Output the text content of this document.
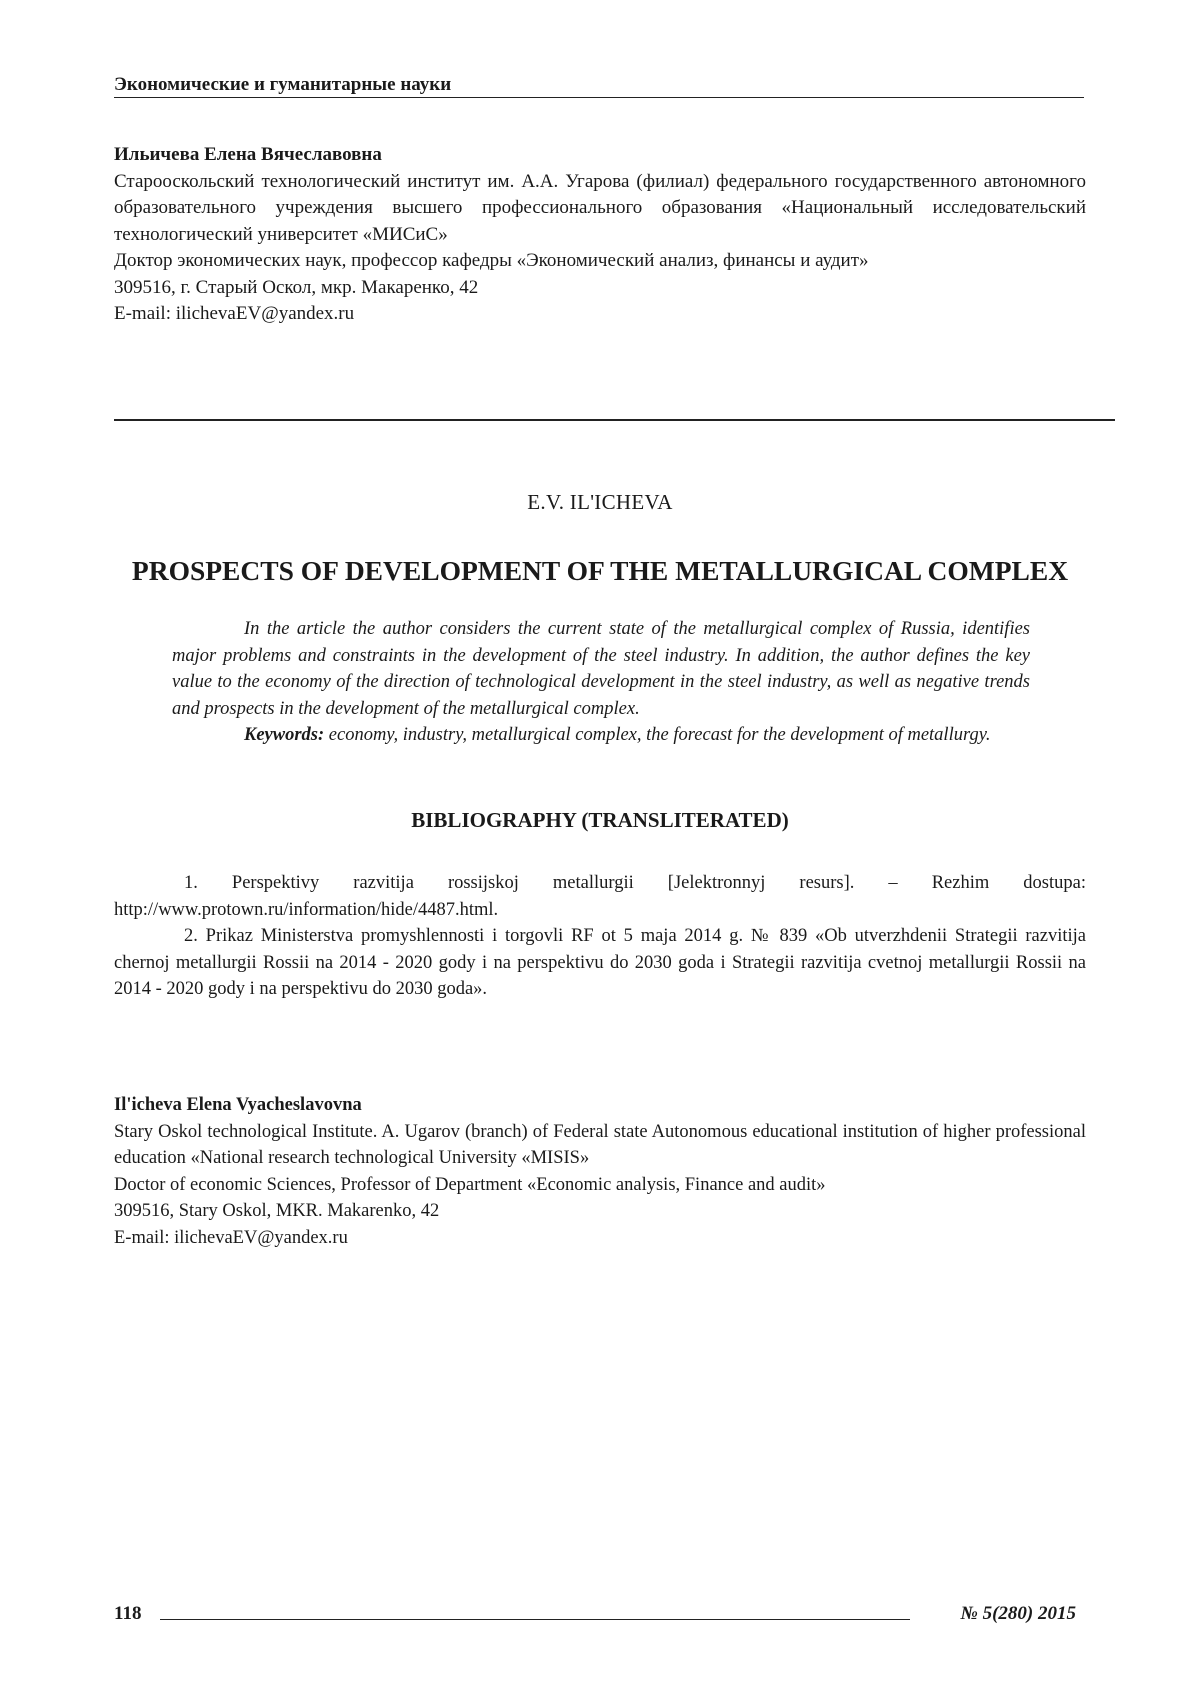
Экономические и гуманитарные науки
Ильичева Елена Вячеславовна
Старооскольский технологический институт им. А.А. Угарова (филиал) федерального государственного автономного образовательного учреждения высшего профессионального образования «Национальный исследовательский технологический университет «МИСиС»
Доктор экономических наук, профессор кафедры «Экономический анализ, финансы и аудит»
309516, г. Старый Оскол, мкр. Макаренко, 42
E-mail: ilichevaEV@yandex.ru
E.V. IL'ICHEVA
PROSPECTS OF DEVELOPMENT OF THE METALLURGICAL COMPLEX

In the article the author considers the current state of the metallurgical complex of Russia, identifies major problems and constraints in the development of the steel industry. In addition, the author defines the key value to the economy of the direction of technological development in the steel industry, as well as negative trends and prospects in the development of the metallurgical complex.

Keywords: economy, industry, metallurgical complex, the forecast for the development of metallurgy.

BIBLIOGRAPHY (TRANSLITERATED)

1. Perspektivy razvitija rossijskoj metallurgii [Jelektronnyj resurs]. – Rezhim dostupa: http://www.protown.ru/information/hide/4487.html.

2. Prikaz Ministerstva promyshlennosti i torgovli RF ot 5 maja 2014 g. № 839 «Ob utverzhdenii Strategii razvitija chernoj metallurgii Rossii na 2014 - 2020 gody i na perspektivu do 2030 goda i Strategii razvitija cvetnoj metallurgii Rossii na 2014 - 2020 gody i na perspektivu do 2030 goda».

Il'icheva Elena Vyacheslavovna
Stary Oskol technological Institute. A. Ugarov (branch) of Federal state Autonomous educational institution of higher professional education «National research technological University «MISIS»
Doctor of economic Sciences, Professor of Department «Economic analysis, Finance and audit»
309516, Stary Oskol, MKR. Makarenko, 42
E-mail: ilichevaEV@yandex.ru
118	№ 5(280) 2015
